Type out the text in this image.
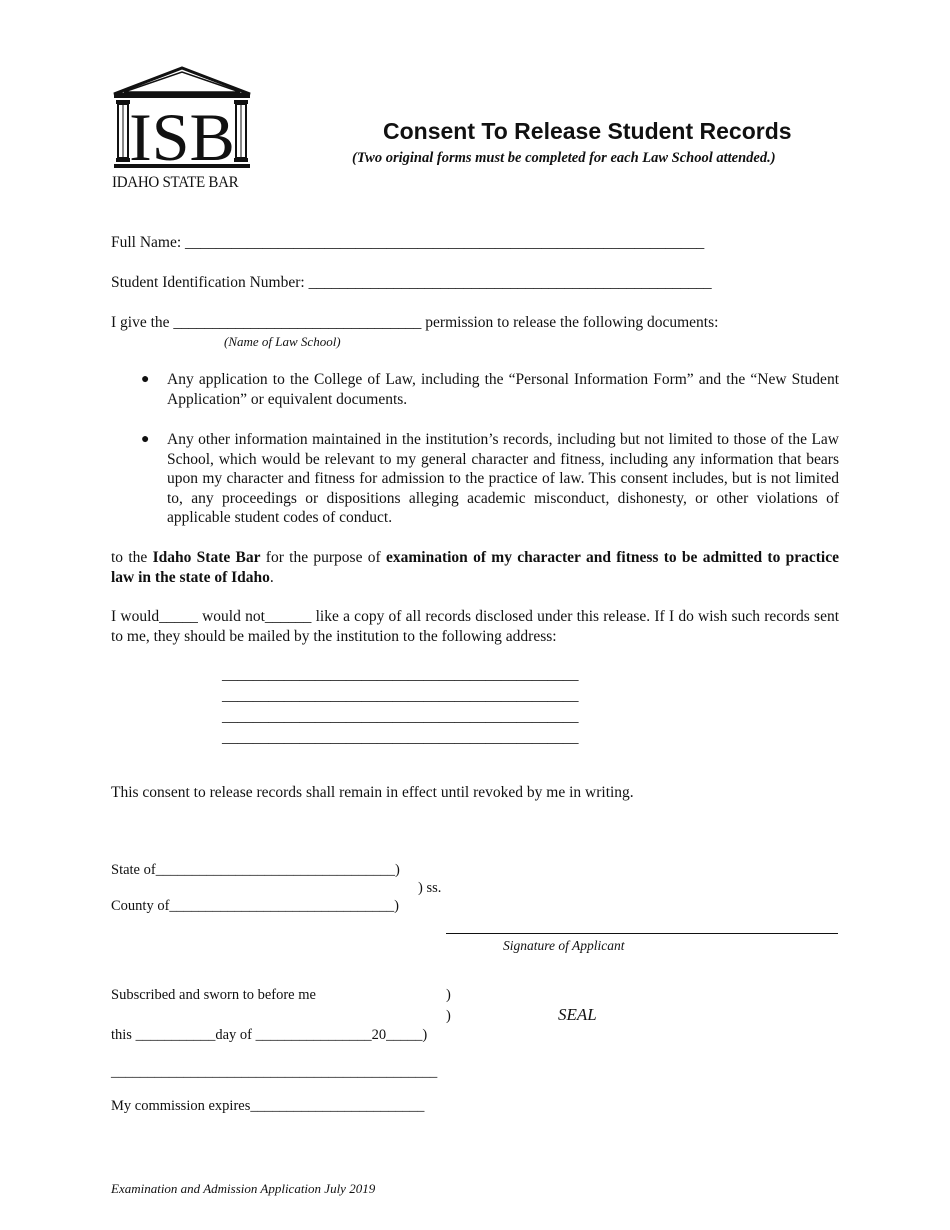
ISB
IDAHO STATE BAR
Consent To Release Student Records
(Two original forms must be completed for each Law School attended.)
Full Name: ___________________________________________________________________
Student Identification Number: ____________________________________________________
I give the ________________________________ permission to release the following documents:
(Name of Law School)
● Any application to the College of Law, including the “Personal Information Form” and the “New Student Application” or equivalent documents.
● Any other information maintained in the institution’s records, including but not limited to those of the Law School, which would be relevant to my general character and fitness, including any information that bears upon my character and fitness for admission to the practice of law. This consent includes, but is not limited to, any proceedings or dispositions alleging academic misconduct, dishonesty, or other violations of applicable student codes of conduct.
to the Idaho State Bar for the purpose of examination of my character and fitness to be admitted to practice law in the state of Idaho.
I would_____ would not______ like a copy of all records disclosed under this release. If I do wish such records sent to me, they should be mailed by the institution to the following address:
______________________________________________
______________________________________________
______________________________________________
______________________________________________
This consent to release records shall remain in effect until revoked by me in writing.
State of_________________________________)
) ss.
County of_______________________________)
Signature of Applicant
Subscribed and sworn to before me	)
)	SEAL
this ___________day of ________________20_____)
_____________________________________________
My commission expires________________________
Examination and Admission Application July 2019
